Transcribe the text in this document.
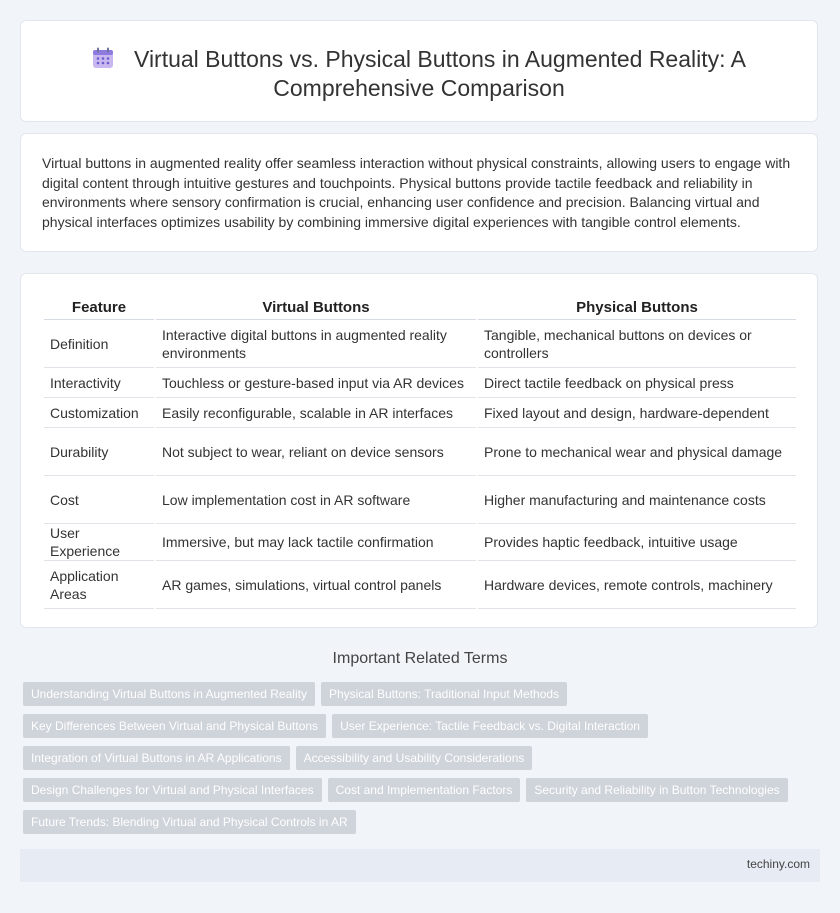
Virtual Buttons vs. Physical Buttons in Augmented Reality: A Comprehensive Comparison

Virtual buttons in augmented reality offer seamless interaction without physical constraints, allowing users to engage with digital content through intuitive gestures and touchpoints. Physical buttons provide tactile feedback and reliability in environments where sensory confirmation is crucial, enhancing user confidence and precision. Balancing virtual and physical interfaces optimizes usability by combining immersive digital experiences with tangible control elements.

Feature	Virtual Buttons	Physical Buttons
Definition	Interactive digital buttons in augmented reality environments	Tangible, mechanical buttons on devices or controllers
Interactivity	Touchless or gesture-based input via AR devices	Direct tactile feedback on physical press
Customization	Easily reconfigurable, scalable in AR interfaces	Fixed layout and design, hardware-dependent
Durability	Not subject to wear, reliant on device sensors	Prone to mechanical wear and physical damage
Cost	Low implementation cost in AR software	Higher manufacturing and maintenance costs
User Experience	Immersive, but may lack tactile confirmation	Provides haptic feedback, intuitive usage
Application Areas	AR games, simulations, virtual control panels	Hardware devices, remote controls, machinery
Important Related Terms
Understanding Virtual Buttons in Augmented Reality	Physical Buttons: Traditional Input Methods
Key Differences Between Virtual and Physical Buttons	User Experience: Tactile Feedback vs. Digital Interaction
Integration of Virtual Buttons in AR Applications	Accessibility and Usability Considerations
Design Challenges for Virtual and Physical Interfaces	Cost and Implementation Factors	Security and Reliability in Button Technologies
Future Trends: Blending Virtual and Physical Controls in AR
techiny.com
